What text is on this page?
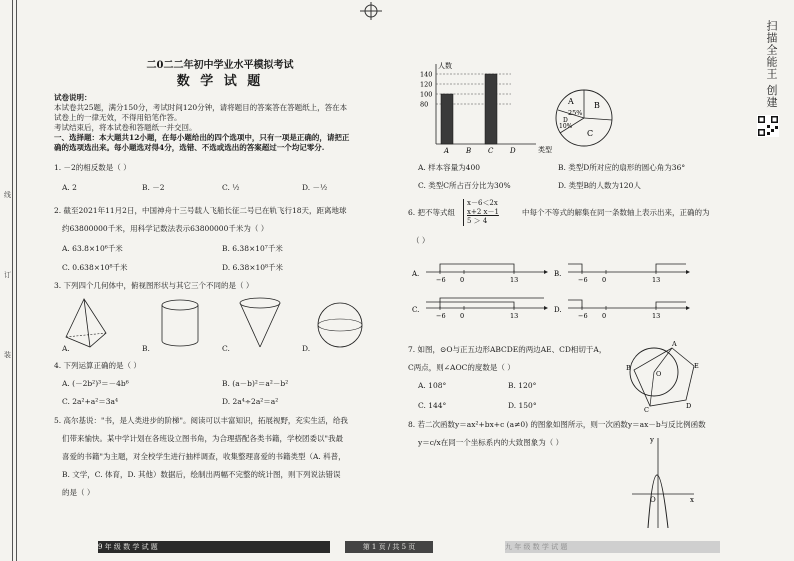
线
订
装
二0二二年初中学业水平模拟考试
数 学 试 题
试卷说明：
本试卷共25题，满分150分，考试时间120分钟，请将题目的答案答在答题纸上，答在本
试卷上的一律无效，不得用铅笔作答。
考试结束后，将本试卷和答题纸一并交回。
一、选择题：本大题共12小题，在每小题给出的四个选项中，只有一项是正确的，请把正
确的选项选出来。每小题选对得4分，选错、不选或选出的答案超过一个均记零分.
1. －2的相反数是（ ）
A. 2	B. －2	C. ½	D. －½
2. 截至2021年11月2日，中国神舟十三号载人飞船长征二号已在轨飞行18天，距离地球
约63800000千米，用科学记数法表示63800000千米为（ ）
A. 63.8×10⁶千米	B. 6.38×10⁷千米
C. 0.638×10⁸千米	D. 6.38×10⁸千米
3. 下列四个几何体中，俯视图形状与其它三个不同的是（ ）
A.	B.	C.	D.
4. 下列运算正确的是（ ）
A. (－2b²)³＝－4b⁶	B. (a－b)²＝a²－b²
C. 2a²+a²＝3a⁴	D. 2a⁴÷2a²＝a²
5. 高尔基说："书，是人类进步的阶梯"。阅读可以丰富知识，拓展视野，充实生活，给我
们带来愉快。某中学计划在各班设立图书角，为合理搭配各类书籍，学校团委以"我最
喜爱的书籍"为主题，对全校学生进行抽样调查，收集整理喜爱的书籍类型（A. 科普，
B. 文学，C. 体育，D. 其他）数据后，绘制出两幅不完整的统计图，则下列说法错误
的是（ ）
9 年 级 数 学 试 题	第 1 页 / 共 5 页	九 年 级 数 学 试 题
人数
类型
140
120
100
80
A B C D
A	B
C
D
25%
10%
A. 样本容量为400	B. 类型D所对应的扇形的圆心角为36°
C. 类型C所占百分比为30%	D. 类型B的人数为120人
6. 把不等式组
x－6＜2x
x+2 x－1
5 ＞ 4
中每个不等式的解集在同一条数轴上表示出来，正确的为
（ ）
A.
−6 0	13
B.
−6 0	13
C.
−6 0	13
D.
−6 0	13
7. 如图，⊙O与正五边形ABCDE的两边AE、CD相切于A，
C两点，则∠AOC的度数是（ ）
A. 108°	B. 120°
C. 144°	D. 150°
A
B
O
C	D
E
8. 若二次函数y＝ax²+bx+c (a≠0) 的图象如图所示，则一次函数y＝ax－b与反比例函数
y＝c/x在同一个坐标系内的大致图象为（ ）	y
O	x
扫描全能王 创建
